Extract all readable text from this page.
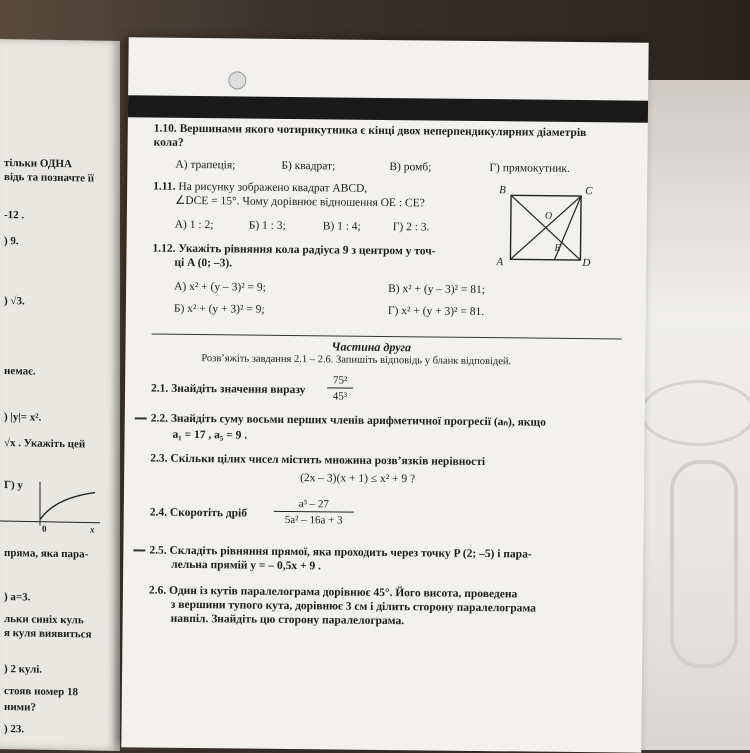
тільки ОДНА
відь та позначте її
-12 .
) 9.
) √3.
немає.
) |y|= x².
√x . Укажіть цей
Г) y
0	x
пряма, яка пара-
) a=3.
льки синіх куль
я куля виявиться
) 2 кулі.
стояв номер 18
ними?
) 23.
1.10. Вершинами якого чотирикутника є кінці двох неперпендикулярних діаметрів кола?
А) трапеція;	Б) квадрат;	В) ромб;	Г) прямокутник.
1.11. На рисунку зображено квадрат ABCD,
∠DCE = 15°. Чому дорівнює відношення OE : CE?
А) 1 : 2;	Б) 1 : 3;	В) 1 : 4;	Г) 2 : 3.
B	C
A	D
O
E
1.12. Укажіть рівняння кола радіуса 9 з центром у точ-
ці A (0; –3).
А) x² + (y – 3)² = 9;	В) x² + (y – 3)² = 81;
Б) x² + (y + 3)² = 9;	Г) x² + (y + 3)² = 81.
Частина друга
Розв’яжіть завдання 2.1 – 2.6. Запишіть відповідь у бланк відповідей.
2.1. Знайдіть значення виразу
75²
45³
2.2. Знайдіть суму восьми перших членів арифметичної прогресії (aₙ), якщо
a₁ = 17 , a₅ = 9 .
2.3. Скільки цілих чисел містить множина розв’язків нерівності
(2x – 3)(x + 1) ≤ x² + 9 ?
2.4. Скоротіть дріб
a³ – 27
5a² – 16a + 3
2.5. Складіть рівняння прямої, яка проходить через точку P (2; –5) і пара-
лельна прямій y = – 0,5x + 9 .
2.6. Один із кутів паралелограма дорівнює 45°. Його висота, проведена
з вершини тупого кута, дорівнює 3 см і ділить сторону паралелограма
навпіл. Знайдіть цю сторону паралелограма.
